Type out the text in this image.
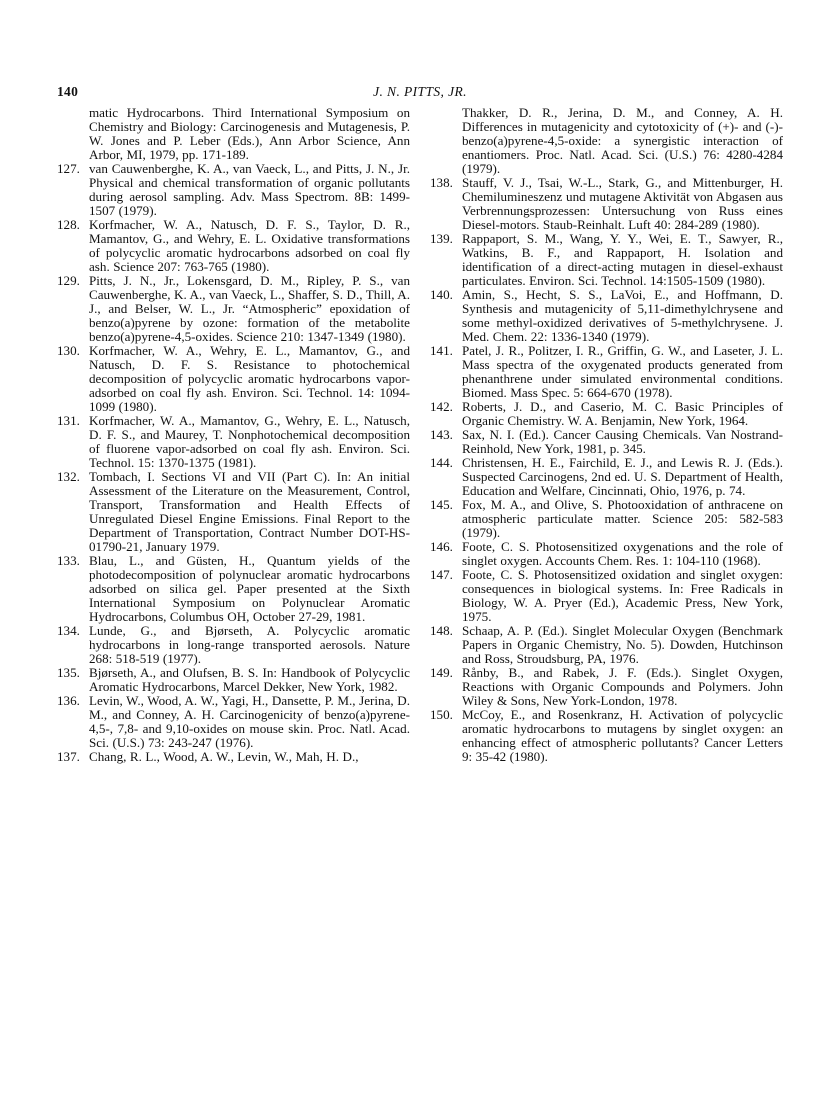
140	J. N. PITTS, JR.

matic Hydrocarbons. Third International Symposium on Chemistry and Biology: Carcinogenesis and Mutagenesis, P. W. Jones and P. Leber (Eds.), Ann Arbor Science, Ann Arbor, MI, 1979, pp. 171-189.

127. van Cauwenberghe, K. A., van Vaeck, L., and Pitts, J. N., Jr. Physical and chemical transformation of organic pollutants during aerosol sampling. Adv. Mass Spectrom. 8B: 1499-1507 (1979).

128. Korfmacher, W. A., Natusch, D. F. S., Taylor, D. R., Mamantov, G., and Wehry, E. L. Oxidative transformations of polycyclic aromatic hydrocarbons adsorbed on coal fly ash. Science 207: 763-765 (1980).

129. Pitts, J. N., Jr., Lokensgard, D. M., Ripley, P. S., van Cauwenberghe, K. A., van Vaeck, L., Shaffer, S. D., Thill, A. J., and Belser, W. L., Jr. “Atmospheric” epoxidation of benzo(a)pyrene by ozone: formation of the metabolite benzo(a)pyrene-4,5-oxides. Science 210: 1347-1349 (1980).

130. Korfmacher, W. A., Wehry, E. L., Mamantov, G., and Natusch, D. F. S. Resistance to photochemical decomposition of polycyclic aromatic hydrocarbons vapor-adsorbed on coal fly ash. Environ. Sci. Technol. 14: 1094-1099 (1980).

131. Korfmacher, W. A., Mamantov, G., Wehry, E. L., Natusch, D. F. S., and Maurey, T. Nonphotochemical decomposition of fluorene vapor-adsorbed on coal fly ash. Environ. Sci. Technol. 15: 1370-1375 (1981).

132. Tombach, I. Sections VI and VII (Part C). In: An initial Assessment of the Literature on the Measurement, Control, Transport, Transformation and Health Effects of Unregulated Diesel Engine Emissions. Final Report to the Department of Transportation, Contract Number DOT-HS-01790-21, January 1979.

133. Blau, L., and Güsten, H., Quantum yields of the photodecomposition of polynuclear aromatic hydrocarbons adsorbed on silica gel. Paper presented at the Sixth International Symposium on Polynuclear Aromatic Hydrocarbons, Columbus OH, October 27-29, 1981.

134. Lunde, G., and Bjørseth, A. Polycyclic aromatic hydrocarbons in long-range transported aerosols. Nature 268: 518-519 (1977).

135. Bjørseth, A., and Olufsen, B. S. In: Handbook of Polycyclic Aromatic Hydrocarbons, Marcel Dekker, New York, 1982.

136. Levin, W., Wood, A. W., Yagi, H., Dansette, P. M., Jerina, D. M., and Conney, A. H. Carcinogenicity of benzo(a)pyrene-4,5-, 7,8- and 9,10-oxides on mouse skin. Proc. Natl. Acad. Sci. (U.S.) 73: 243-247 (1976).

137. Chang, R. L., Wood, A. W., Levin, W., Mah, H. D.,

Thakker, D. R., Jerina, D. M., and Conney, A. H. Differences in mutagenicity and cytotoxicity of (+)- and (-)-benzo(a)pyrene-4,5-oxide: a synergistic interaction of enantiomers. Proc. Natl. Acad. Sci. (U.S.) 76: 4280-4284 (1979).

138. Stauff, V. J., Tsai, W.-L., Stark, G., and Mittenburger, H. Chemilumineszenz und mutagene Aktivität von Abgasen aus Verbrennungsprozessen: Untersuchung von Russ eines Diesel-motors. Staub-Reinhalt. Luft 40: 284-289 (1980).

139. Rappaport, S. M., Wang, Y. Y., Wei, E. T., Sawyer, R., Watkins, B. F., and Rappaport, H. Isolation and identification of a direct-acting mutagen in diesel-exhaust particulates. Environ. Sci. Technol. 14:1505-1509 (1980).

140. Amin, S., Hecht, S. S., LaVoi, E., and Hoffmann, D. Synthesis and mutagenicity of 5,11-dimethylchrysene and some methyl-oxidized derivatives of 5-methylchrysene. J. Med. Chem. 22: 1336-1340 (1979).

141. Patel, J. R., Politzer, I. R., Griffin, G. W., and Laseter, J. L. Mass spectra of the oxygenated products generated from phenanthrene under simulated environmental conditions. Biomed. Mass Spec. 5: 664-670 (1978).

142. Roberts, J. D., and Caserio, M. C. Basic Principles of Organic Chemistry. W. A. Benjamin, New York, 1964.

143. Sax, N. I. (Ed.). Cancer Causing Chemicals. Van Nostrand-Reinhold, New York, 1981, p. 345.

144. Christensen, H. E., Fairchild, E. J., and Lewis R. J. (Eds.). Suspected Carcinogens, 2nd ed. U. S. Department of Health, Education and Welfare, Cincinnati, Ohio, 1976, p. 74.

145. Fox, M. A., and Olive, S. Photooxidation of anthracene on atmospheric particulate matter. Science 205: 582-583 (1979).

146. Foote, C. S. Photosensitized oxygenations and the role of singlet oxygen. Accounts Chem. Res. 1: 104-110 (1968).

147. Foote, C. S. Photosensitized oxidation and singlet oxygen: consequences in biological systems. In: Free Radicals in Biology, W. A. Pryer (Ed.), Academic Press, New York, 1975.

148. Schaap, A. P. (Ed.). Singlet Molecular Oxygen (Benchmark Papers in Organic Chemistry, No. 5). Dowden, Hutchinson and Ross, Stroudsburg, PA, 1976.

149. Rånby, B., and Rabek, J. F. (Eds.). Singlet Oxygen, Reactions with Organic Compounds and Polymers. John Wiley & Sons, New York-London, 1978.

150. McCoy, E., and Rosenkranz, H. Activation of polycyclic aromatic hydrocarbons to mutagens by singlet oxygen: an enhancing effect of atmospheric pollutants? Cancer Letters 9: 35-42 (1980).
